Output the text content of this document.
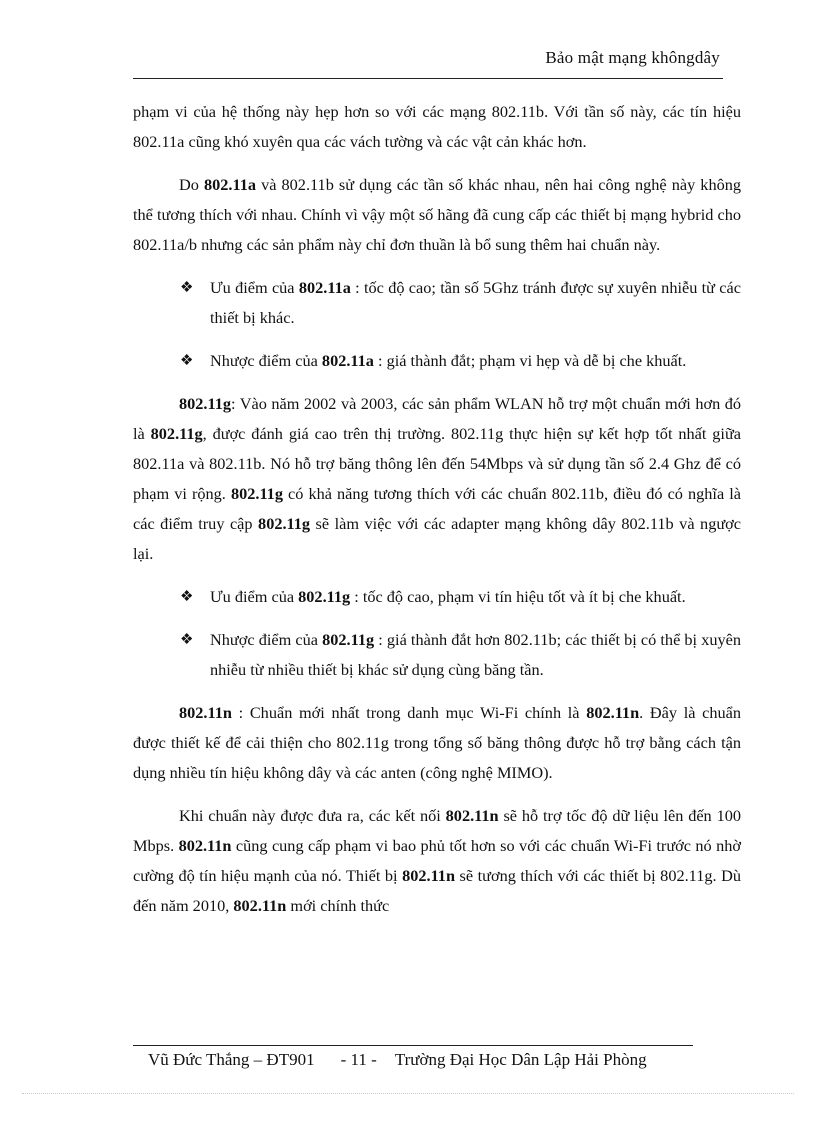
Bảo mật mạng khôngdây

phạm vi của hệ thống này hẹp hơn so với các mạng 802.11b. Với tần số này, các tín hiệu 802.11a cũng khó xuyên qua các vách tường và các vật cản khác hơn.

Do 802.11a và 802.11b sử dụng các tần số khác nhau, nên hai công nghệ này không thể tương thích với nhau. Chính vì vậy một số hãng đã cung cấp các thiết bị mạng hybrid cho 802.11a/b nhưng các sản phẩm này chỉ đơn thuần là bổ sung thêm hai chuẩn này.

❖	Ưu điểm của 802.11a : tốc độ cao; tần số 5Ghz tránh được sự xuyên nhiễu từ các thiết bị khác.
❖	Nhược điểm của 802.11a : giá thành đắt; phạm vi hẹp và dễ bị che khuất.

802.11g: Vào năm 2002 và 2003, các sản phẩm WLAN hỗ trợ một chuẩn mới hơn đó là 802.11g, được đánh giá cao trên thị trường. 802.11g thực hiện sự kết hợp tốt nhất giữa 802.11a và 802.11b. Nó hỗ trợ băng thông lên đến 54Mbps và sử dụng tần số 2.4 Ghz để có phạm vi rộng. 802.11g có khả năng tương thích với các chuẩn 802.11b, điều đó có nghĩa là các điểm truy cập 802.11g sẽ làm việc với các adapter mạng không dây 802.11b và ngược lại.

❖	Ưu điểm của 802.11g : tốc độ cao, phạm vi tín hiệu tốt và ít bị che khuất.
❖	Nhược điểm của 802.11g : giá thành đắt hơn 802.11b; các thiết bị có thể bị xuyên nhiễu từ nhiều thiết bị khác sử dụng cùng băng tần.

802.11n : Chuẩn mới nhất trong danh mục Wi-Fi chính là 802.11n. Đây là chuẩn được thiết kế để cải thiện cho 802.11g trong tổng số băng thông được hỗ trợ bằng cách tận dụng nhiều tín hiệu không dây và các anten (công nghệ MIMO).

Khi chuẩn này được đưa ra, các kết nối 802.11n sẽ hỗ trợ tốc độ dữ liệu lên đến 100 Mbps. 802.11n cũng cung cấp phạm vi bao phủ tốt hơn so với các chuẩn Wi-Fi trước nó nhờ cường độ tín hiệu mạnh của nó. Thiết bị 802.11n sẽ tương thích với các thiết bị 802.11g. Dù đến năm 2010, 802.11n mới chính thức

Vũ Đức Thắng – ĐT901 - 11 - Trường Đại Học Dân Lập Hải Phòng
